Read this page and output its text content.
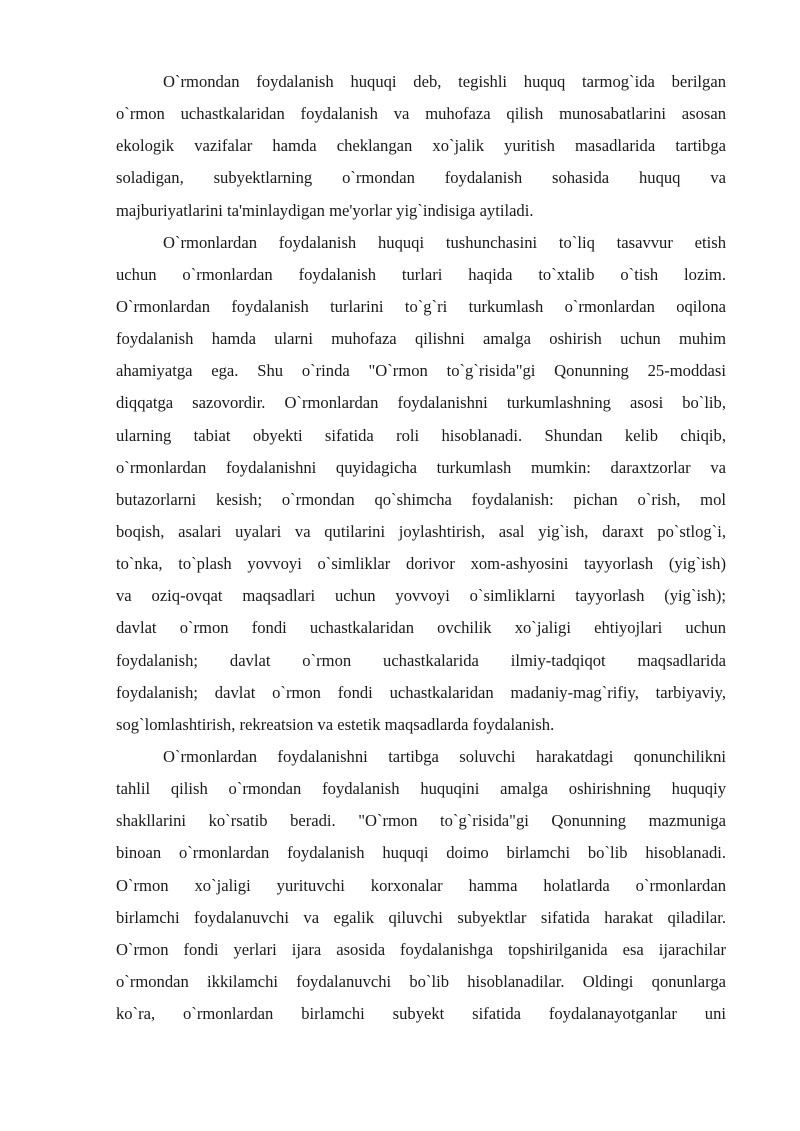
O`rmondan foydalanish huquqi deb, tegishli huquq tarmog`ida berilgan
o`rmon uchastkalaridan foydalanish va muhofaza qilish munosabatlarini asosan
ekologik vazifalar hamda cheklangan xo`jalik yuritish masadlarida tartibga
soladigan, subyektlarning o`rmondan foydalanish sohasida huquq va
majburiyatlarini ta'minlaydigan me'yorlar yig`indisiga aytiladi.
O`rmonlardan foydalanish huquqi tushunchasini to`liq tasavvur etish
uchun o`rmonlardan foydalanish turlari haqida to`xtalib o`tish lozim.
O`rmonlardan foydalanish turlarini to`g`ri turkumlash o`rmonlardan oqilona
foydalanish hamda ularni muhofaza qilishni amalga oshirish uchun muhim
ahamiyatga ega. Shu o`rinda "O`rmon to`g`risida"gi Qonunning 25-moddasi
diqqatga sazovordir. O`rmonlardan foydalanishni turkumlashning asosi bo`lib,
ularning tabiat obyekti sifatida roli hisoblanadi. Shundan kelib chiqib,
o`rmonlardan foydalanishni quyidagicha turkumlash mumkin: daraxtzorlar va
butazorlarni kesish; o`rmondan qo`shimcha foydalanish: pichan o`rish, mol
boqish, asalari uyalari va qutilarini joylashtirish, asal yig`ish, daraxt po`stlog`i,
to`nka, to`plash yovvoyi o`simliklar dorivor xom-ashyosini tayyorlash (yig`ish)
va oziq-ovqat maqsadlari uchun yovvoyi o`simliklarni tayyorlash (yig`ish);
davlat o`rmon fondi uchastkalaridan ovchilik xo`jaligi ehtiyojlari uchun
foydalanish; davlat o`rmon uchastkalarida ilmiy-tadqiqot maqsadlarida
foydalanish; davlat o`rmon fondi uchastkalaridan madaniy-mag`rifiy, tarbiyaviy,
sog`lomlashtirish, rekreatsion va estetik maqsadlarda foydalanish.
O`rmonlardan foydalanishni tartibga soluvchi harakatdagi qonunchilikni
tahlil qilish o`rmondan foydalanish huquqini amalga oshirishning huquqiy
shakllarini ko`rsatib beradi. "O`rmon to`g`risida"gi Qonunning mazmuniga
binoan o`rmonlardan foydalanish huquqi doimo birlamchi bo`lib hisoblanadi.
O`rmon xo`jaligi yurituvchi korxonalar hamma holatlarda o`rmonlardan
birlamchi foydalanuvchi va egalik qiluvchi subyektlar sifatida harakat qiladilar.
O`rmon fondi yerlari ijara asosida foydalanishga topshirilganida esa ijarachilar
o`rmondan ikkilamchi foydalanuvchi bo`lib hisoblanadilar. Oldingi qonunlarga
ko`ra, o`rmonlardan birlamchi subyekt sifatida foydalanayotganlar uni
